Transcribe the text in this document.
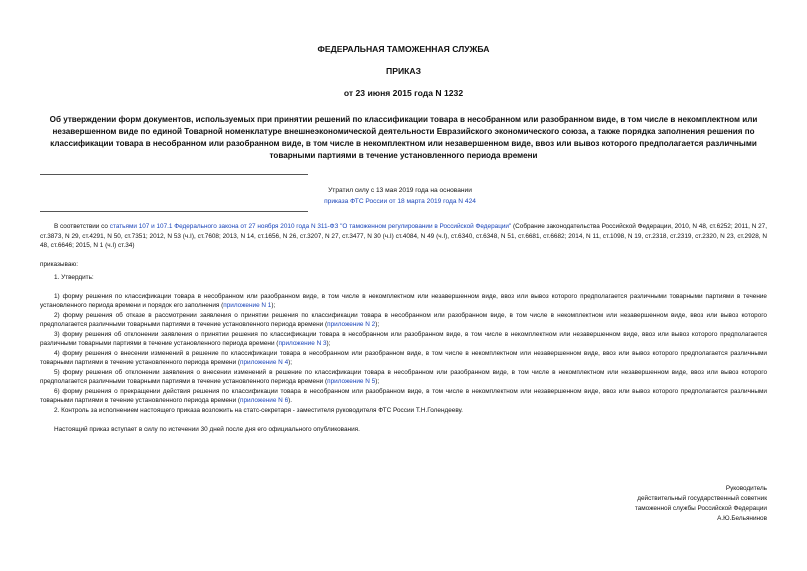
ФЕДЕРАЛЬНАЯ ТАМОЖЕННАЯ СЛУЖБА
ПРИКАЗ
от 23 июня 2015 года N 1232
Об утверждении форм документов, используемых при принятии решений по классификации товара в несобранном или разобранном виде, в том числе в некомплектном или незавершенном виде по единой Товарной номенклатуре внешнеэкономической деятельности Евразийского экономического союза, а также порядка заполнения решения по классификации товара в несобранном или разобранном виде, в том числе в некомплектном или незавершенном виде, ввоз или вывоз которого предполагается различными товарными партиями в течение установленного периода времени
Утратил силу с 13 мая 2019 года на основании
приказа ФТС России от 18 марта 2019 года N 424

В соответствии со статьями 107 и 107.1 Федерального закона от 27 ноября 2010 года N 311-ФЗ "О таможенном регулировании в Российской Федерации" (Собрание законодательства Российской Федерации, 2010, N 48, ст.6252; 2011, N 27, ст.3873, N 29, ст.4291, N 50, ст.7351; 2012, N 53 (ч.I), ст.7608; 2013, N 14, ст.1656, N 26, ст.3207, N 27, ст.3477, N 30 (ч.I) ст.4084, N 49 (ч.I), ст.6340, ст.6348, N 51, ст.6681, ст.6682; 2014, N 11, ст.1098, N 19, ст.2318, ст.2319, ст.2320, N 23, ст.2928, N 48, ст.6646; 2015, N 1 (ч.I) ст.34)

приказываю:

1. Утвердить:

1) форму решения по классификации товара в несобранном или разобранном виде, в том числе в некомплектном или незавершенном виде, ввоз или вывоз которого предполагается различными товарными партиями в течение установленного периода времени и порядок его заполнения (приложение N 1);

2) форму решения об отказе в рассмотрении заявления о принятии решения по классификации товара в несобранном или разобранном виде, в том числе в некомплектном или незавершенном виде, ввоз или вывоз которого предполагается различными товарными партиями в течение установленного периода времени (приложение N 2);

3) форму решения об отклонении заявления о принятии решения по классификации товара в несобранном или разобранном виде, в том числе в некомплектном или незавершенном виде, ввоз или вывоз которого предполагается различными товарными партиями в течение установленного периода времени (приложение N 3);

4) форму решения о внесении изменений в решение по классификации товара в несобранном или разобранном виде, в том числе в некомплектном или незавершенном виде, ввоз или вывоз которого предполагается различными товарными партиями в течение установленного периода времени (приложение N 4);

5) форму решения об отклонении заявления о внесении изменений в решение по классификации товара в несобранном или разобранном виде, в том числе в некомплектном или незавершенном виде, ввоз или вывоз которого предполагается различными товарными партиями в течение установленного периода времени (приложение N 5);

6) форму решения о прекращении действия решения по классификации товара в несобранном или разобранном виде, в том числе в некомплектном или незавершенном виде, ввоз или вывоз которого предполагается различными товарными партиями в течение установленного периода времени (приложение N 6).

2. Контроль за исполнением настоящего приказа возложить на статс-секретаря - заместителя руководителя ФТС России Т.Н.Голендееву.

Настоящий приказ вступает в силу по истечении 30 дней после дня его официального опубликования.

Руководитель
действительный государственный советник
таможенной службы Российской Федерации
А.Ю.Бельянинов
